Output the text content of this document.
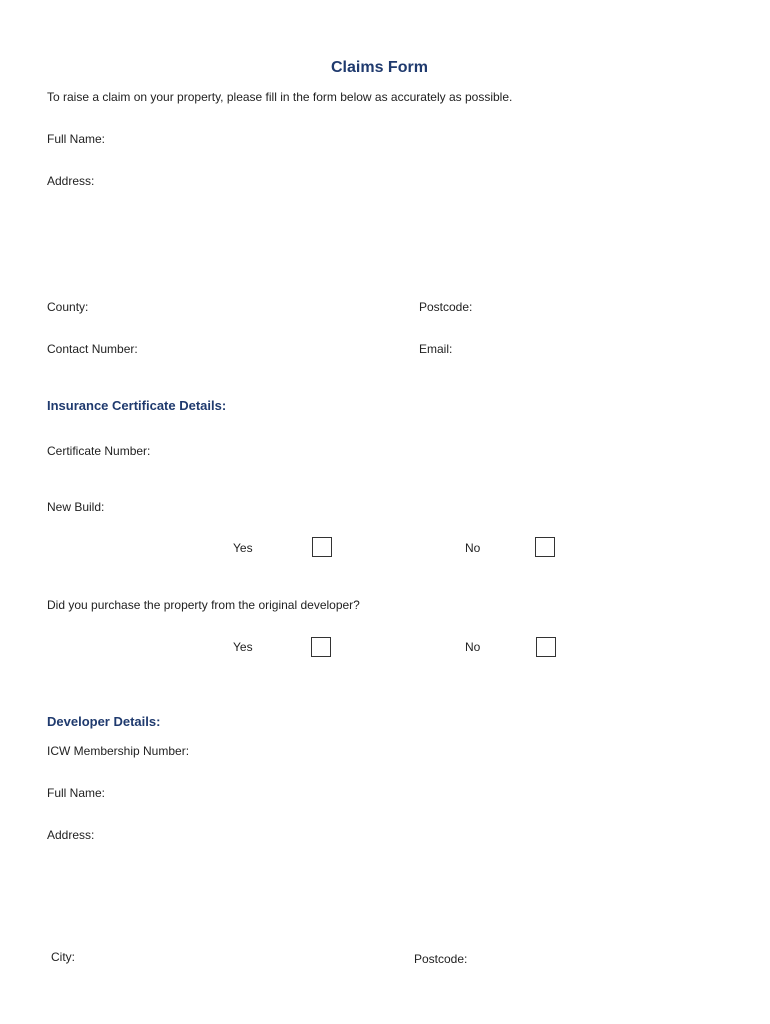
Claims Form
To raise a claim on your property, please fill in the form below as accurately as possible.
Full Name:
Address:
County:	Postcode:
Contact Number:	Email:
Insurance Certificate Details:
Certificate Number:
New Build:
Yes	No
Did you purchase the property from the original developer?
Yes	No
Developer Details:
ICW Membership Number:
Full Name:
Address:
City:	Postcode:
